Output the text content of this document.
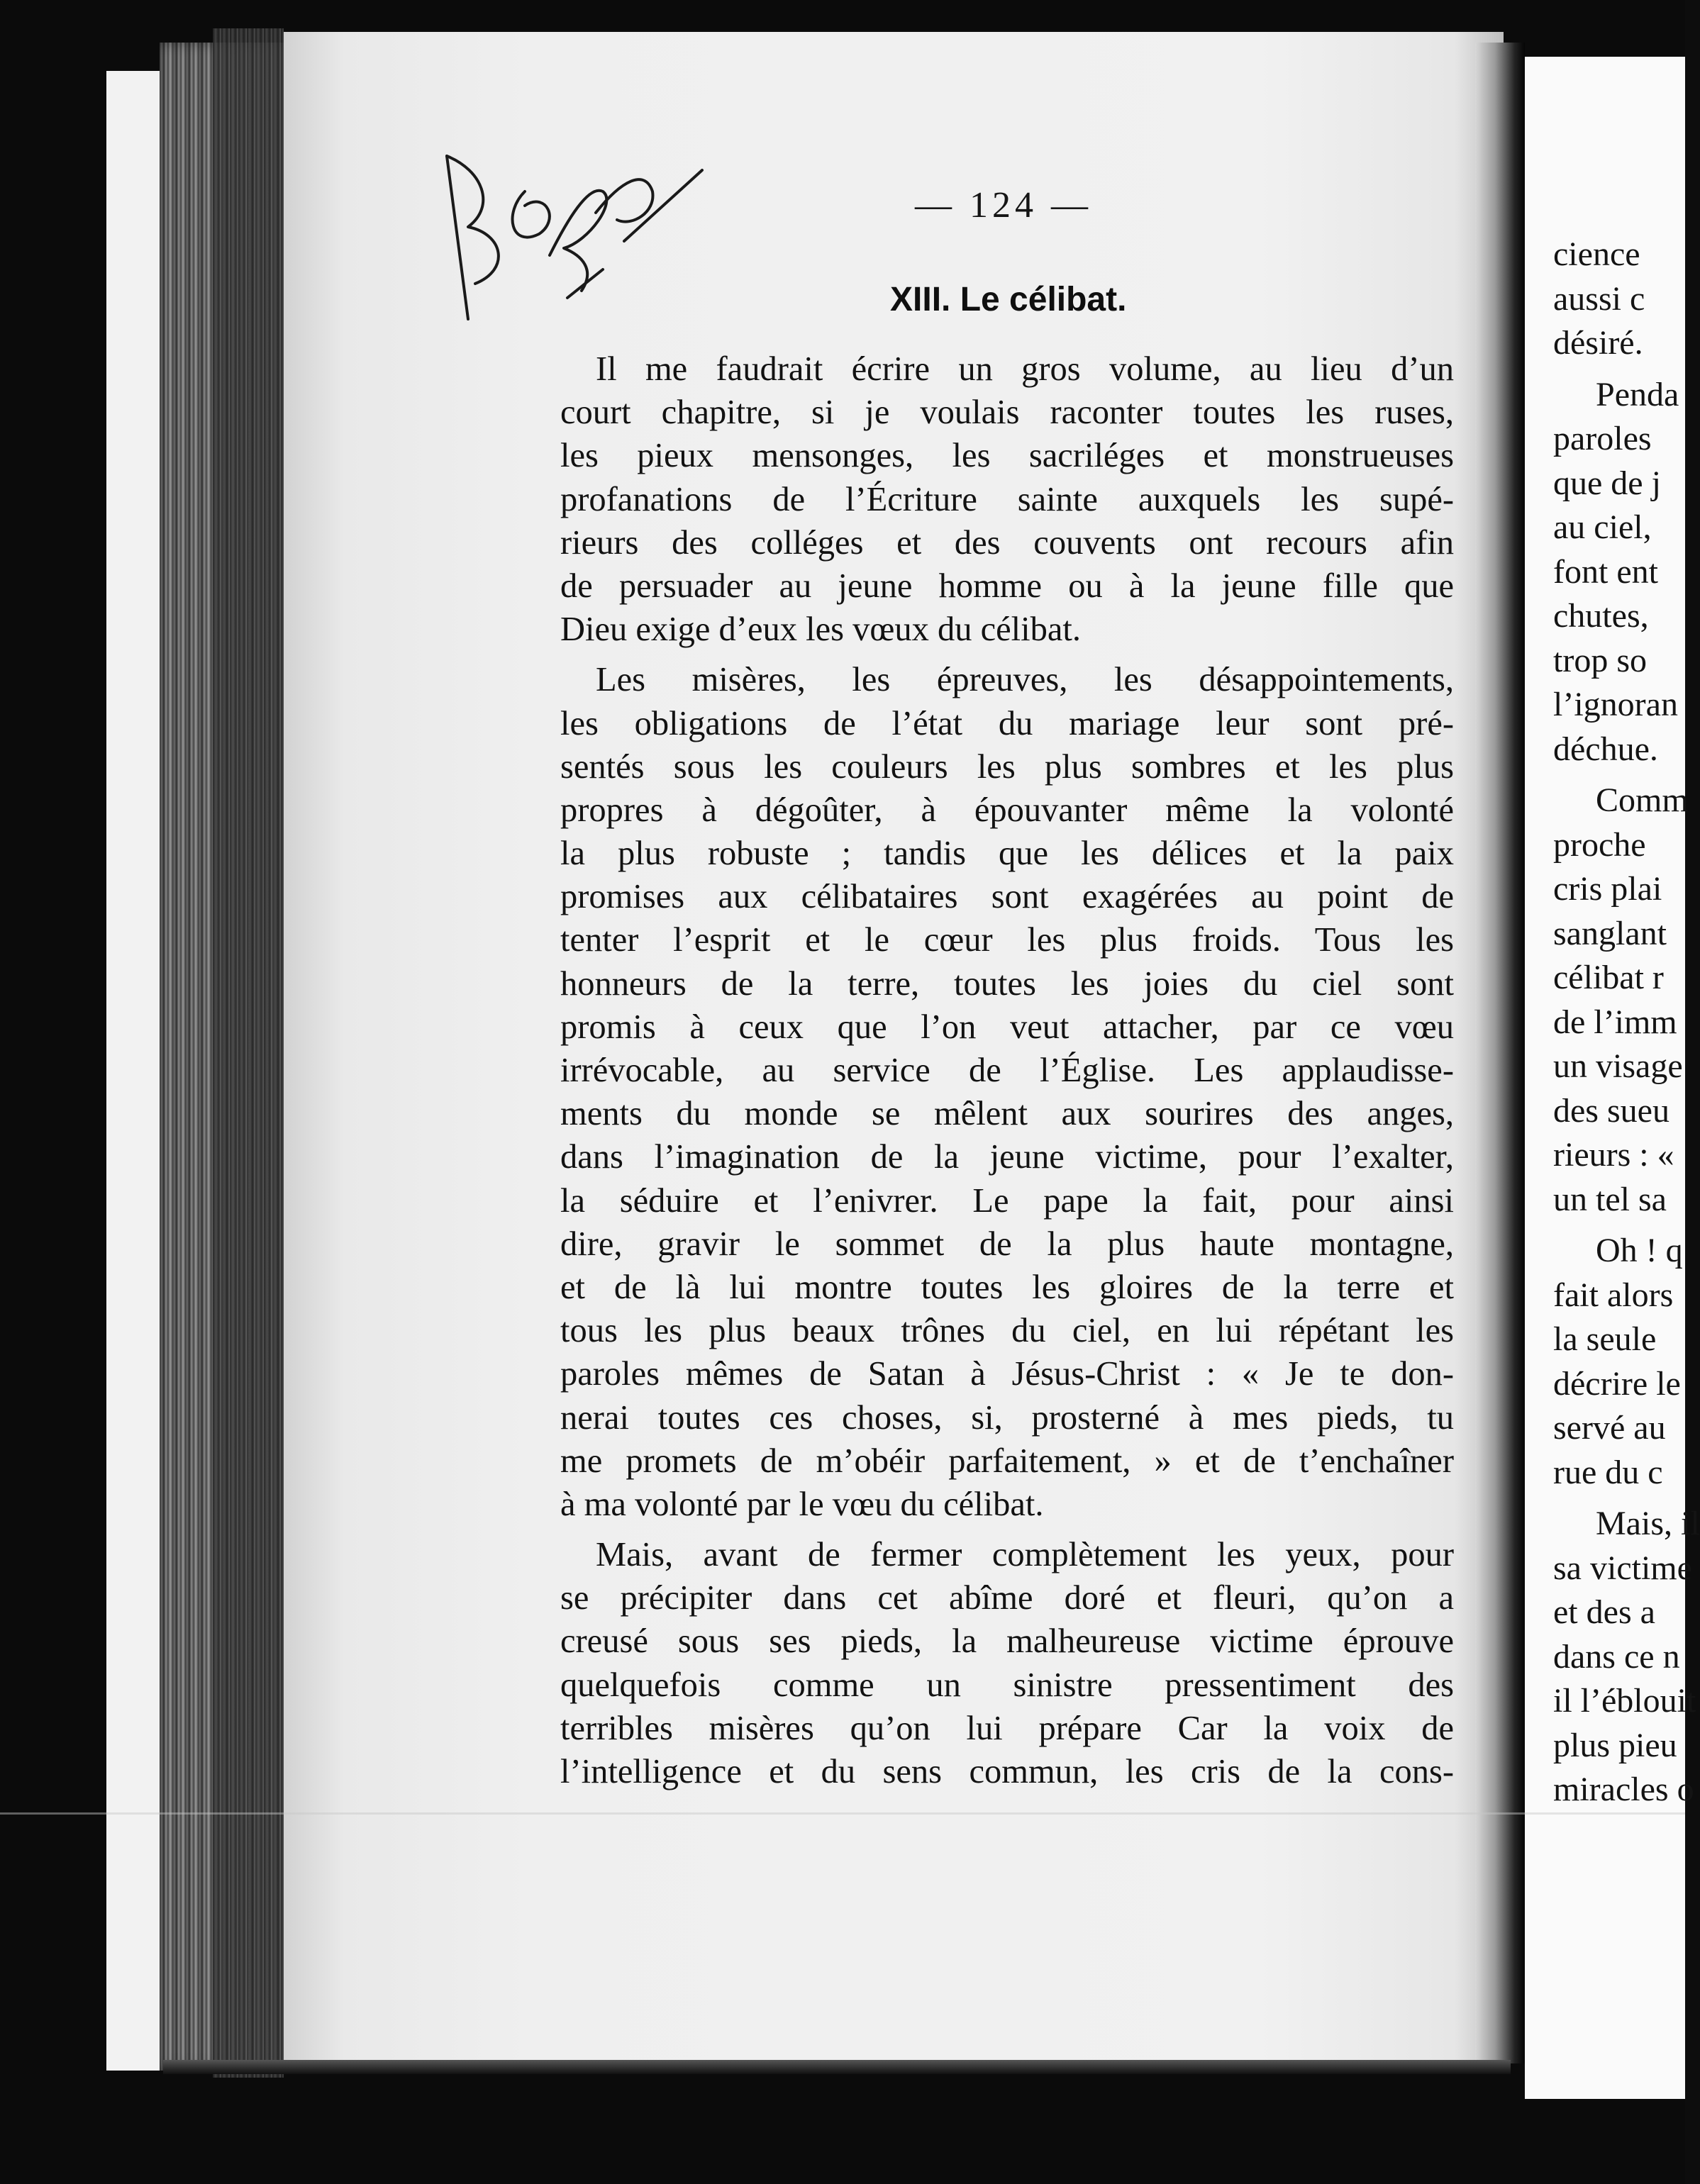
— 124 —
XIII. Le célibat.
Il me faudrait écrire un gros volume, au lieu d’un
court chapitre, si je voulais raconter toutes les ruses,
les pieux mensonges, les sacriléges et monstrueuses
profanations de l’Écriture sainte auxquels les supé-
rieurs des colléges et des couvents ont recours afin
de persuader au jeune homme ou à la jeune fille que
Dieu exige d’eux les vœux du célibat.
Les misères, les épreuves, les désappointements,
les obligations de l’état du mariage leur sont pré-
sentés sous les couleurs les plus sombres et les plus
propres à dégoûter, à épouvanter même la volonté
la plus robuste ; tandis que les délices et la paix
promises aux célibataires sont exagérées au point de
tenter l’esprit et le cœur les plus froids. Tous les
honneurs de la terre, toutes les joies du ciel sont
promis à ceux que l’on veut attacher, par ce vœu
irrévocable, au service de l’Église. Les applaudisse-
ments du monde se mêlent aux sourires des anges,
dans l’imagination de la jeune victime, pour l’exalter,
la séduire et l’enivrer. Le pape la fait, pour ainsi
dire, gravir le sommet de la plus haute montagne,
et de là lui montre toutes les gloires de la terre et
tous les plus beaux trônes du ciel, en lui répétant les
paroles mêmes de Satan à Jésus-Christ : « Je te don-
nerai toutes ces choses, si, prosterné à mes pieds, tu
me promets de m’obéir parfaitement, » et de t’enchaîner
à ma volonté par le vœu du célibat.
Mais, avant de fermer complètement les yeux, pour
se précipiter dans cet abîme doré et fleuri, qu’on a
creusé sous ses pieds, la malheureuse victime éprouve
quelquefois comme un sinistre pressentiment des
terribles misères qu’on lui prépare Car la voix de
l’intelligence et du sens commun, les cris de la cons-
cience
aussi c
désiré.
Penda
paroles
que de j
au ciel,
font ent
chutes,
trop so
l’ignoran
déchue.
Comm
proche
cris plai
sanglant
célibat r
de l’imm
un visage
des sueu
rieurs : «
un tel sa
Oh ! q
fait alors
la seule
décrire le
servé au
rue du c
Mais, il
sa victime
et des a
dans ce n
il l’éblouit
plus pieu
miracles o
